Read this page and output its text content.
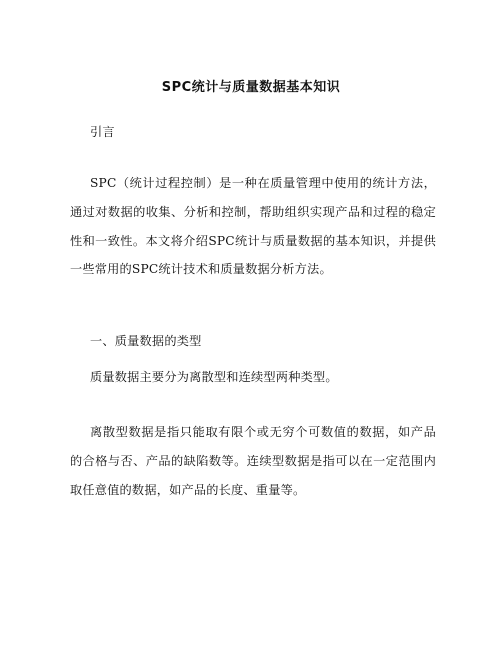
SPC统计与质量数据基本知识

引言

SPC（统计过程控制）是一种在质量管理中使用的统计方法，通过对数据的收集、分析和控制，帮助组织实现产品和过程的稳定性和一致性。本文将介绍SPC统计与质量数据的基本知识，并提供一些常用的SPC统计技术和质量数据分析方法。

一、质量数据的类型

质量数据主要分为离散型和连续型两种类型。

离散型数据是指只能取有限个或无穷个可数值的数据，如产品的合格与否、产品的缺陷数等。连续型数据是指可以在一定范围内取任意值的数据，如产品的长度、重量等。
